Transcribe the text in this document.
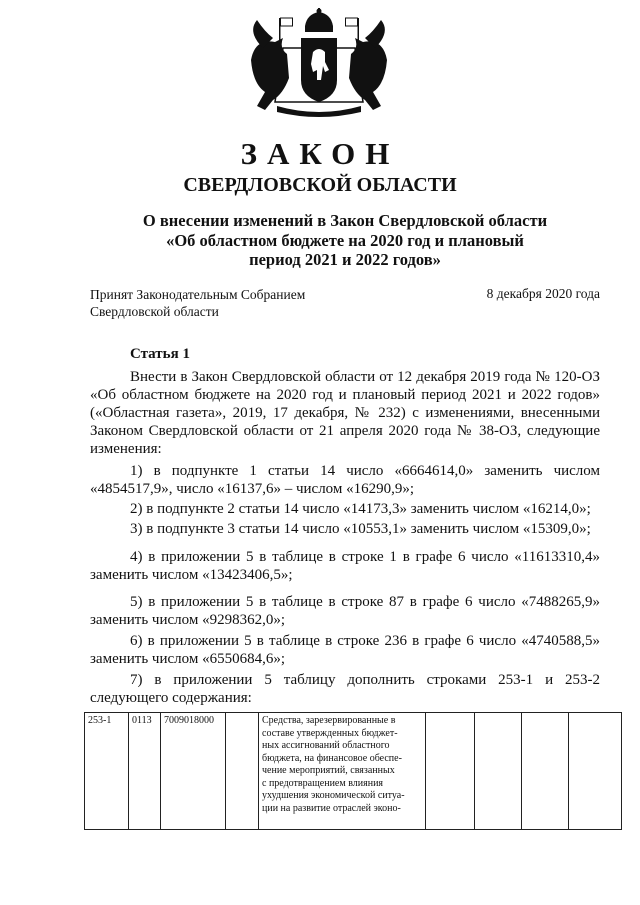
ЗАКОН
СВЕРДЛОВСКОЙ ОБЛАСТИ
О внесении изменений в Закон Свердловской области
«Об областном бюджете на 2020 год и плановый
период 2021 и 2022 годов»
Принят Законодательным Собранием
Свердловской области
8 декабря 2020 года
Статья 1
Внести в Закон Свердловской области от 12 декабря 2019 года № 120-ОЗ «Об областном бюджете на 2020 год и плановый период 2021 и 2022 годов» («Областная газета», 2019, 17 декабря, № 232) с изменениями, внесенными Законом Свердловской области от 21 апреля 2020 года № 38-ОЗ, следующие изменения:
1) в подпункте 1 статьи 14 число «6664614,0» заменить числом «4854517,9», число «16137,6» – числом «16290,9»;
2) в подпункте 2 статьи 14 число «14173,3» заменить числом «16214,0»;
3) в подпункте 3 статьи 14 число «10553,1» заменить числом «15309,0»;
4) в приложении 5 в таблице в строке 1 в графе 6 число «11613310,4» заменить числом «13423406,5»;
5) в приложении 5 в таблице в строке 87 в графе 6 число «7488265,9» заменить числом «9298362,0»;
6) в приложении 5 в таблице в строке 236 в графе 6 число «4740588,5» заменить числом «6550684,6»;
7) в приложении 5 таблицу дополнить строками 253-1 и 253-2 следующего содержания:
253-1	0113	7009018000		Средства, зарезервированные в
составе утвержденных бюджет-
ных ассигнований областного
бюджета, на финансовое обеспе-
чение мероприятий, связанных
с предотвращением влияния
ухудшения экономической ситуа-
ции на развитие отраслей эконо-
